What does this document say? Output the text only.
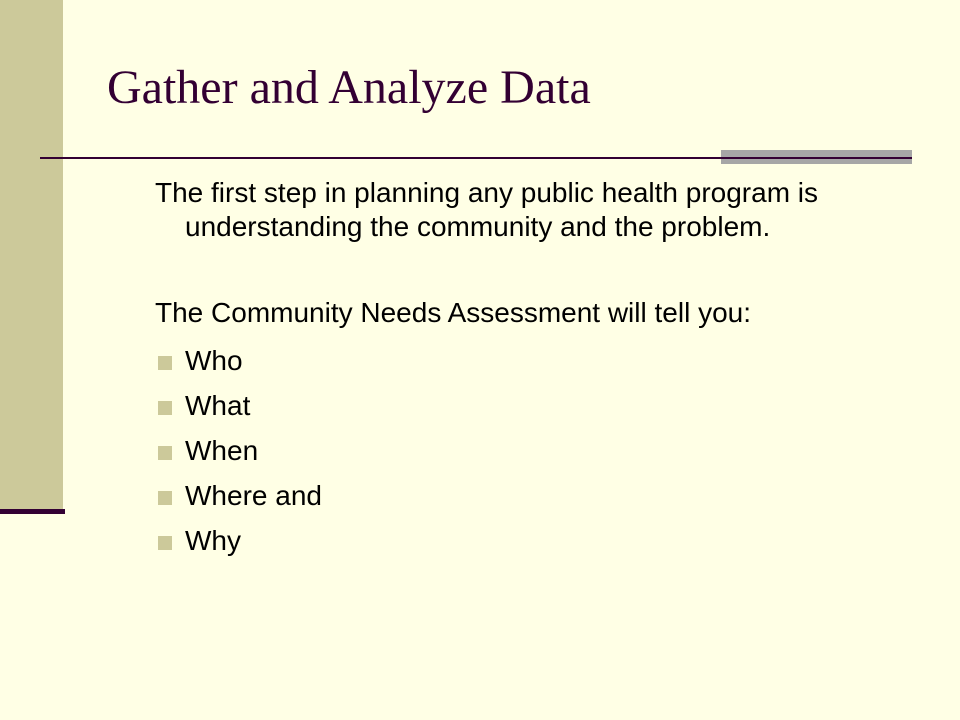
Gather and Analyze Data

The first step in planning any public health program is understanding the community and the problem.

The Community Needs Assessment will tell you:

Who
What
When
Where and
Why
